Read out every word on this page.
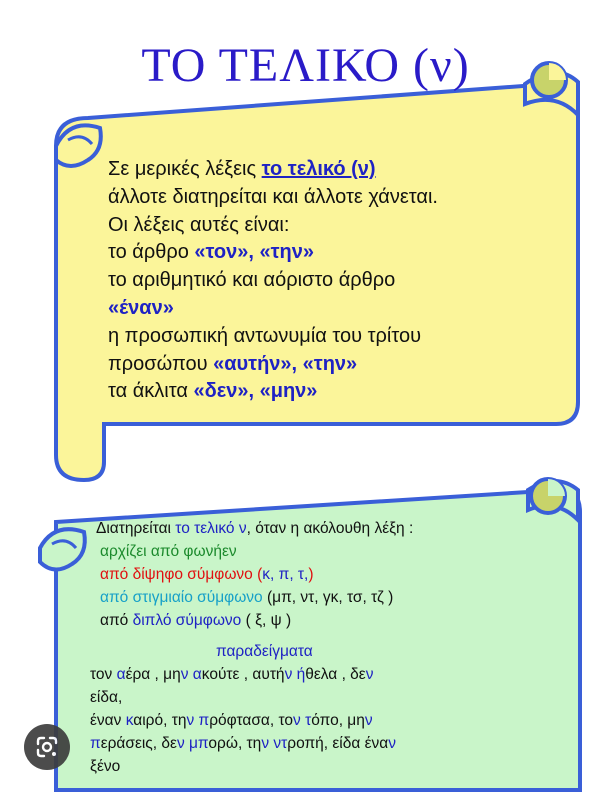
ΤΟ ΤΕΛΙΚΟ (ν)
Σε μερικές λέξεις το τελικό (ν)
άλλοτε διατηρείται και άλλοτε χάνεται.
Οι λέξεις αυτές είναι:
το άρθρο «τον», «την»
το αριθμητικό και αόριστο άρθρο
«έναν»
η προσωπική αντωνυμία του τρίτου
προσώπου «αυτήν», «την»
τα άκλιτα «δεν», «μην»
Διατηρείται το τελικό ν, όταν η ακόλουθη λέξη :
αρχίζει από φωνήεν
από δίψηφο σύμφωνο (κ, π, τ,)
από στιγμιαίο σύμφωνο (μπ, ντ, γκ, τσ, τζ )
από διπλό σύμφωνο ( ξ, ψ )
παραδείγματα
τον αέρα , μην ακούτε , αυτήν ήθελα , δεν
είδα,
έναν καιρό, την πρόφτασα, τον τόπο, μην
περάσεις, δεν μπορώ, την ντροπή, είδα έναν
ξένο
